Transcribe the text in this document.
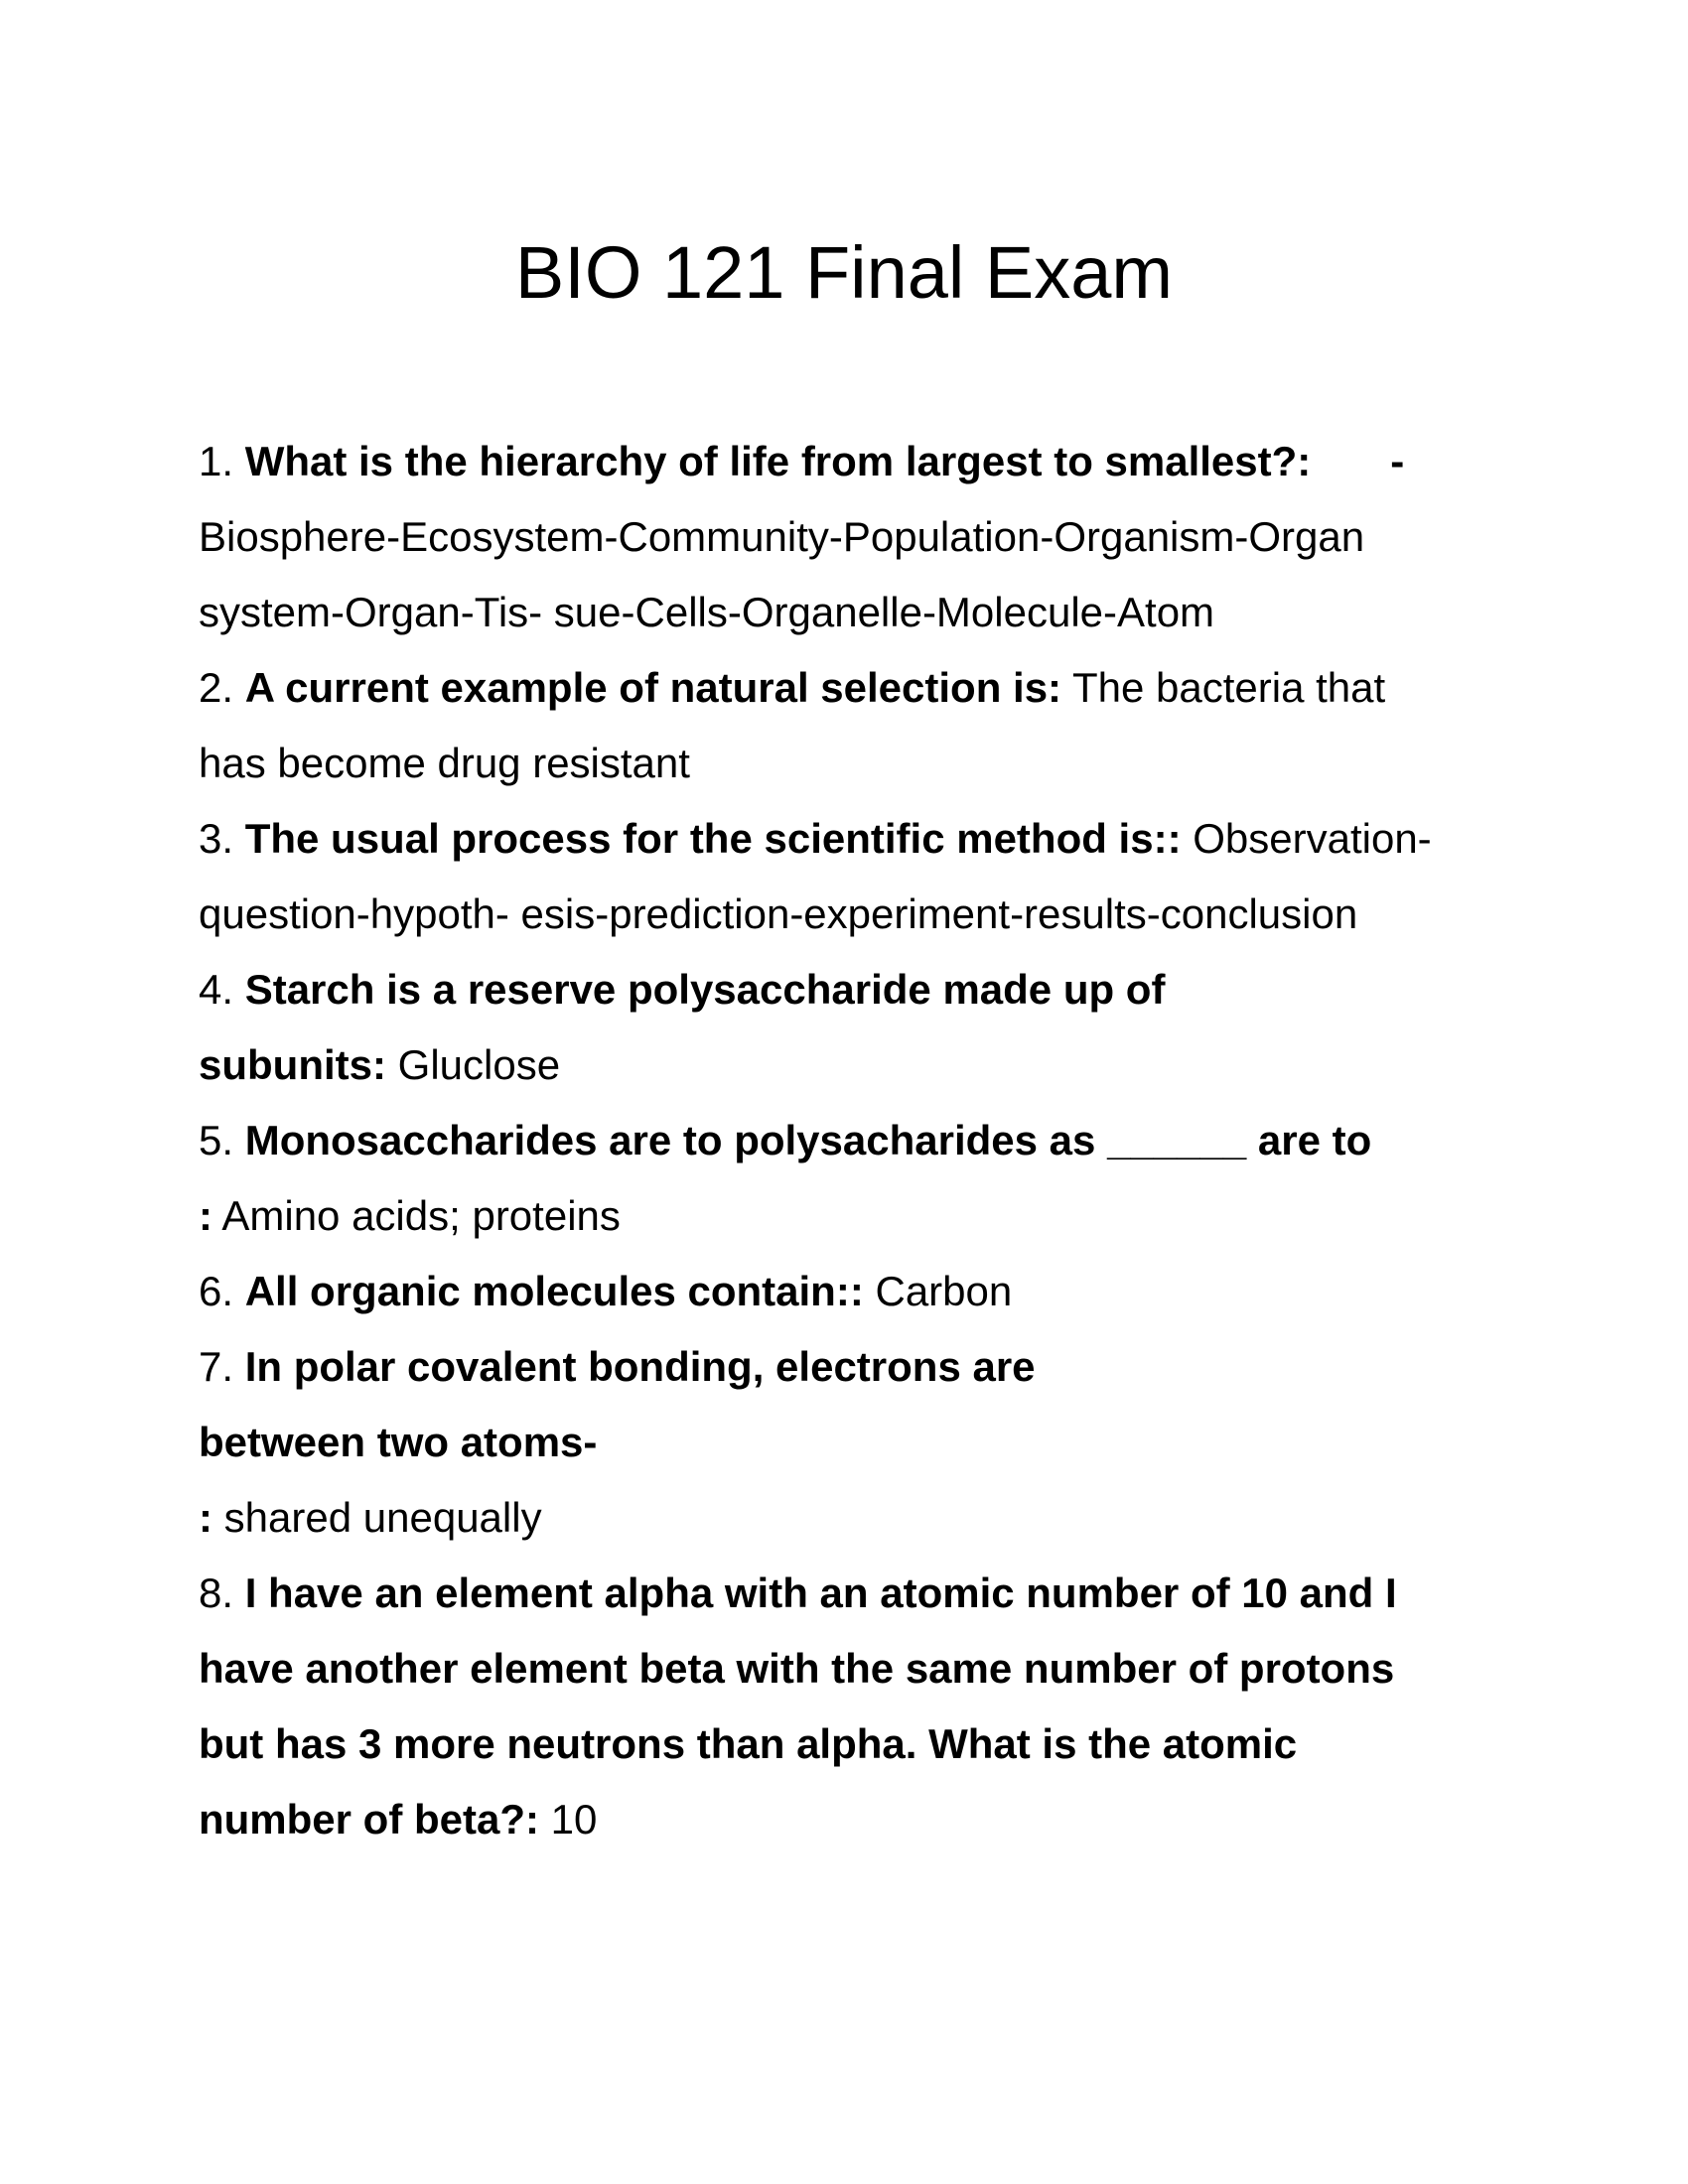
BIO 121 Final Exam
1. What is the hierarchy of life from largest to smallest?: -
Biosphere-Ecosystem-Community-Population-Organism-Organ
system-Organ-Tis- sue-Cells-Organelle-Molecule-Atom
2. A current example of natural selection is: The bacteria that
has become drug resistant
3. The usual process for the scientific method is:: Observation-
question-hypoth- esis-prediction-experiment-results-conclusion
4. Starch is a reserve polysaccharide made up of
subunits: Gluclose
5. Monosaccharides are to polysacharides as ______ are to
: Amino acids; proteins
6. All organic molecules contain:: Carbon
7. In polar covalent bonding, electrons are
between two atoms-
: shared unequally
8. I have an element alpha with an atomic number of 10 and I
have another element beta with the same number of protons
but has 3 more neutrons than alpha. What is the atomic
number of beta?: 10
